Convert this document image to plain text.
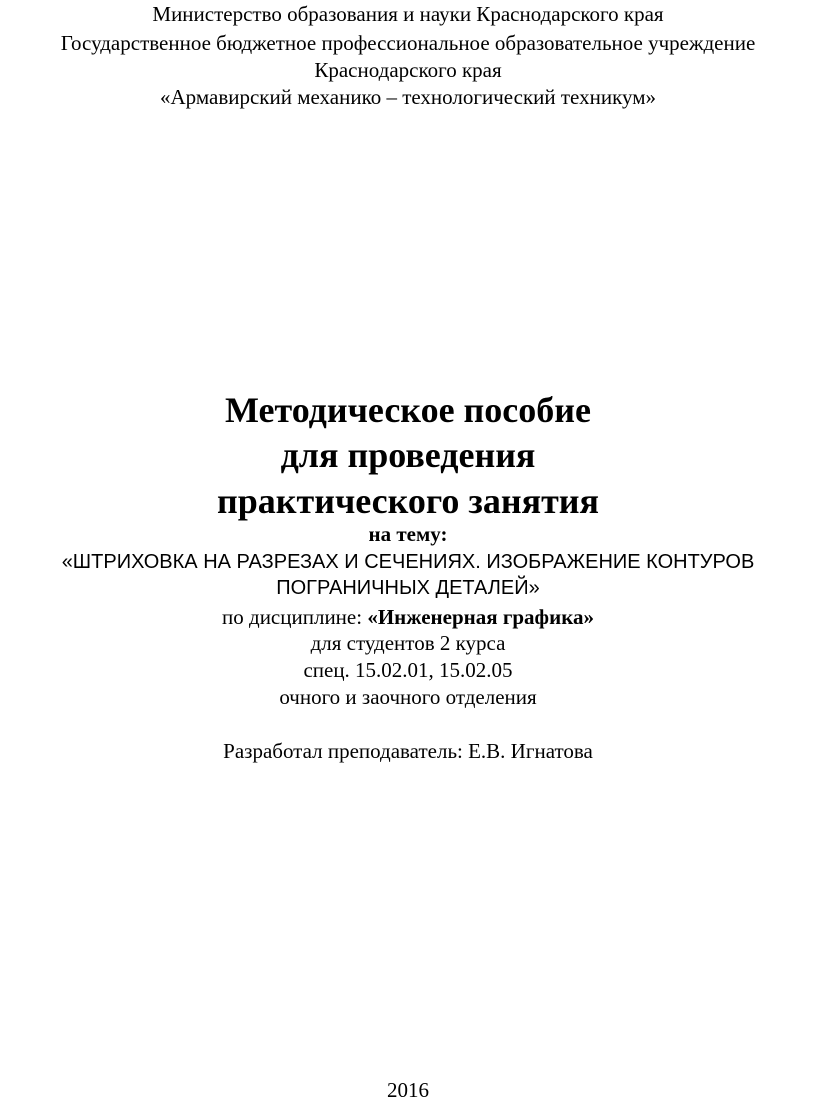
Министерство образования и науки Краснодарского края
Государственное бюджетное профессиональное образовательное учреждение
Краснодарского края
«Армавирский механико – технологический техникум»
Методическое пособие
для проведения
практического занятия
на тему:
«ШТРИХОВКА НА РАЗРЕЗАХ И СЕЧЕНИЯХ. ИЗОБРАЖЕНИЕ КОНТУРОВ
ПОГРАНИЧНЫХ ДЕТАЛЕЙ»
по дисциплине: «Инженерная графика»
для студентов 2 курса
спец. 15.02.01, 15.02.05
очного и заочного отделения
Разработал преподаватель: Е.В. Игнатова
2016
